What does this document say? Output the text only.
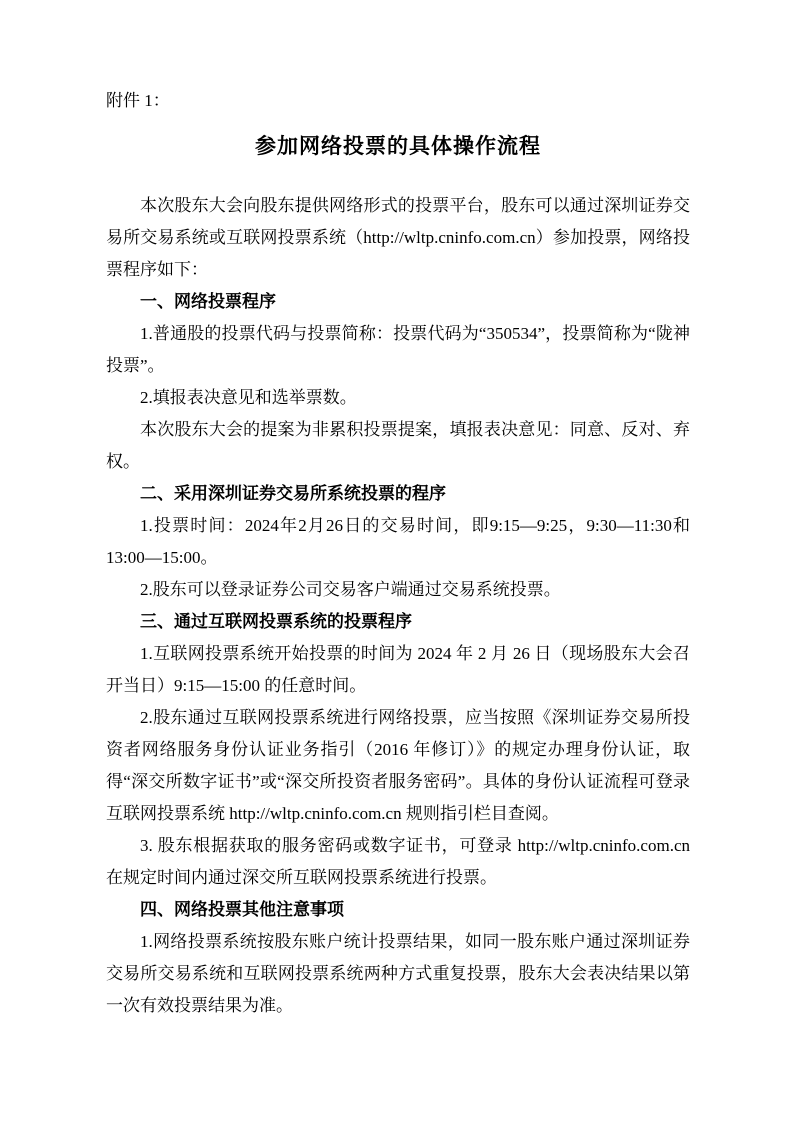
附件 1：

参加网络投票的具体操作流程

本次股东大会向股东提供网络形式的投票平台，股东可以通过深圳证券交易所交易系统或互联网投票系统（http://wltp.cninfo.com.cn）参加投票，网络投票程序如下：

一、网络投票程序

1.普通股的投票代码与投票简称：投票代码为“350534”，投票简称为“陇神投票”。

2.填报表决意见和选举票数。

本次股东大会的提案为非累积投票提案，填报表决意见：同意、反对、弃权。

二、采用深圳证券交易所系统投票的程序

1.投票时间：2024年2月26日的交易时间，即9:15—9:25，9:30—11:30和13:00—15:00。

2.股东可以登录证券公司交易客户端通过交易系统投票。

三、通过互联网投票系统的投票程序

1.互联网投票系统开始投票的时间为 2024 年 2 月 26 日（现场股东大会召开当日）9:15—15:00 的任意时间。

2.股东通过互联网投票系统进行网络投票，应当按照《深圳证券交易所投资者网络服务身份认证业务指引（2016 年修订）》的规定办理身份认证，取得“深交所数字证书”或“深交所投资者服务密码”。具体的身份认证流程可登录互联网投票系统 http://wltp.cninfo.com.cn 规则指引栏目查阅。

3. 股东根据获取的服务密码或数字证书，可登录 http://wltp.cninfo.com.cn 在规定时间内通过深交所互联网投票系统进行投票。

四、网络投票其他注意事项

1.网络投票系统按股东账户统计投票结果，如同一股东账户通过深圳证券交易所交易系统和互联网投票系统两种方式重复投票，股东大会表决结果以第一次有效投票结果为准。
